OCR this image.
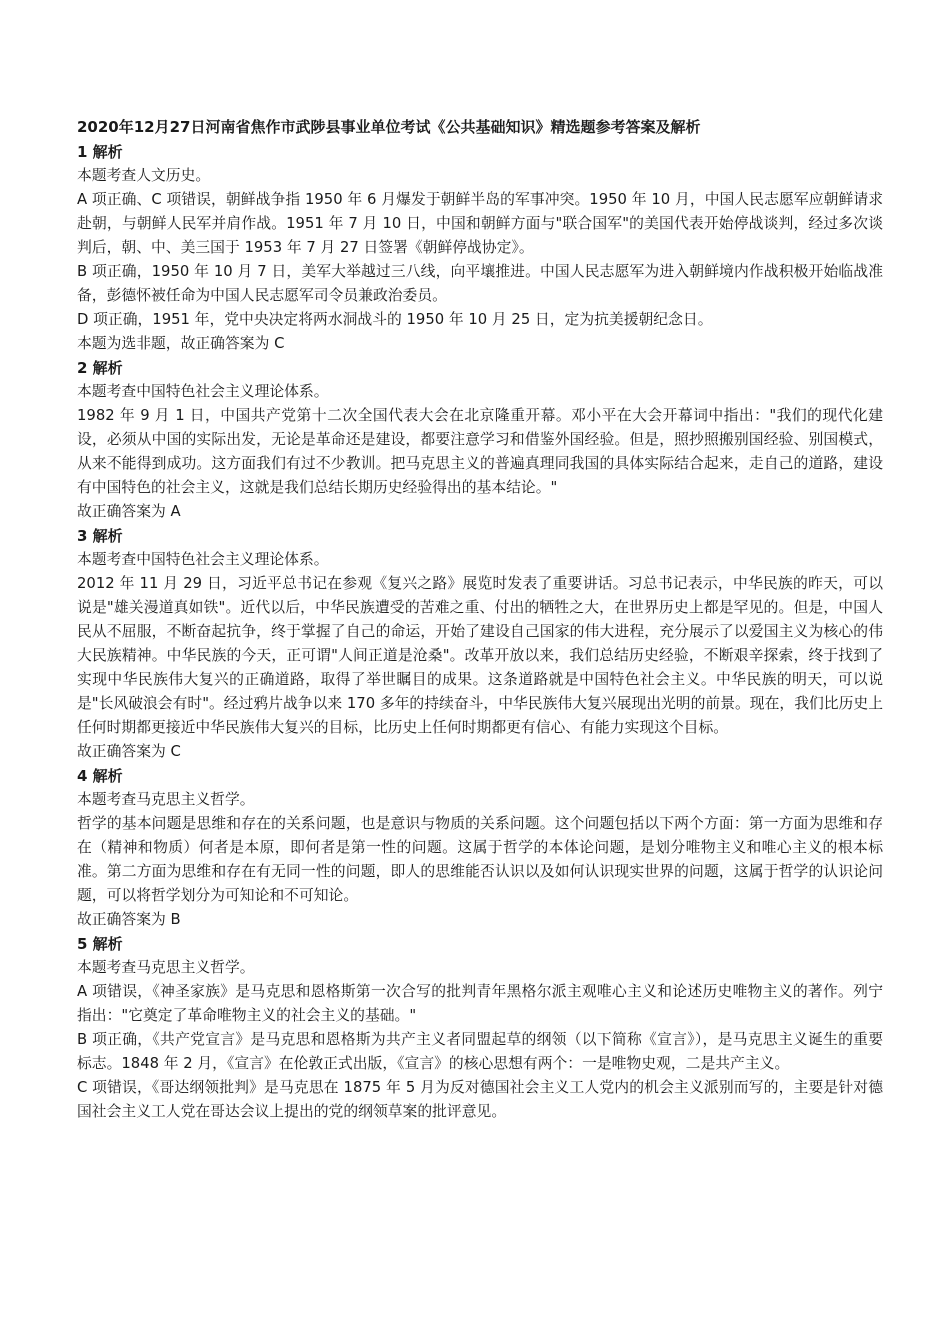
2020年12月27日河南省焦作市武陟县事业单位考试《公共基础知识》精选题参考答案及解析

1 解析

本题考查人文历史。

A 项正确、C 项错误，朝鲜战争指 1950 年 6 月爆发于朝鲜半岛的军事冲突。1950 年 10 月，中国人民志愿军应朝鲜请求赴朝，与朝鲜人民军并肩作战。1951 年 7 月 10 日，中国和朝鲜方面与"联合国军"的美国代表开始停战谈判，经过多次谈判后，朝、中、美三国于 1953 年 7 月 27 日签署《朝鲜停战协定》。

B 项正确，1950 年 10 月 7 日，美军大举越过三八线，向平壤推进。中国人民志愿军为进入朝鲜境内作战积极开始临战准备，彭德怀被任命为中国人民志愿军司令员兼政治委员。

D 项正确，1951 年，党中央决定将两水洞战斗的 1950 年 10 月 25 日，定为抗美援朝纪念日。

本题为选非题，故正确答案为 C

2 解析

本题考查中国特色社会主义理论体系。

1982 年 9 月 1 日，中国共产党第十二次全国代表大会在北京隆重开幕。邓小平在大会开幕词中指出："我们的现代化建设，必须从中国的实际出发，无论是革命还是建设，都要注意学习和借鉴外国经验。但是，照抄照搬别国经验、别国模式，从来不能得到成功。这方面我们有过不少教训。把马克思主义的普遍真理同我国的具体实际结合起来，走自己的道路，建设有中国特色的社会主义，这就是我们总结长期历史经验得出的基本结论。"

故正确答案为 A

3 解析

本题考查中国特色社会主义理论体系。

2012 年 11 月 29 日，习近平总书记在参观《复兴之路》展览时发表了重要讲话。习总书记表示，中华民族的昨天，可以说是"雄关漫道真如铁"。近代以后，中华民族遭受的苦难之重、付出的牺牲之大，在世界历史上都是罕见的。但是，中国人民从不屈服，不断奋起抗争，终于掌握了自己的命运，开始了建设自己国家的伟大进程，充分展示了以爱国主义为核心的伟大民族精神。中华民族的今天，正可谓"人间正道是沧桑"。改革开放以来，我们总结历史经验，不断艰辛探索，终于找到了实现中华民族伟大复兴的正确道路，取得了举世瞩目的成果。这条道路就是中国特色社会主义。中华民族的明天，可以说是"长风破浪会有时"。经过鸦片战争以来 170 多年的持续奋斗，中华民族伟大复兴展现出光明的前景。现在，我们比历史上任何时期都更接近中华民族伟大复兴的目标，比历史上任何时期都更有信心、有能力实现这个目标。

故正确答案为 C

4 解析

本题考查马克思主义哲学。

哲学的基本问题是思维和存在的关系问题，也是意识与物质的关系问题。这个问题包括以下两个方面：第一方面为思维和存在（精神和物质）何者是本原，即何者是第一性的问题。这属于哲学的本体论问题，是划分唯物主义和唯心主义的根本标准。第二方面为思维和存在有无同一性的问题，即人的思维能否认识以及如何认识现实世界的问题，这属于哲学的认识论问题，可以将哲学划分为可知论和不可知论。

故正确答案为 B

5 解析

本题考查马克思主义哲学。

A 项错误，《神圣家族》是马克思和恩格斯第一次合写的批判青年黑格尔派主观唯心主义和论述历史唯物主义的著作。列宁指出："它奠定了革命唯物主义的社会主义的基础。"

B 项正确，《共产党宣言》是马克思和恩格斯为共产主义者同盟起草的纲领（以下简称《宣言》），是马克思主义诞生的重要标志。1848 年 2 月，《宣言》在伦敦正式出版，《宣言》的核心思想有两个：一是唯物史观，二是共产主义。

C 项错误，《哥达纲领批判》是马克思在 1875 年 5 月为反对德国社会主义工人党内的机会主义派别而写的，主要是针对德国社会主义工人党在哥达会议上提出的党的纲领草案的批评意见。
